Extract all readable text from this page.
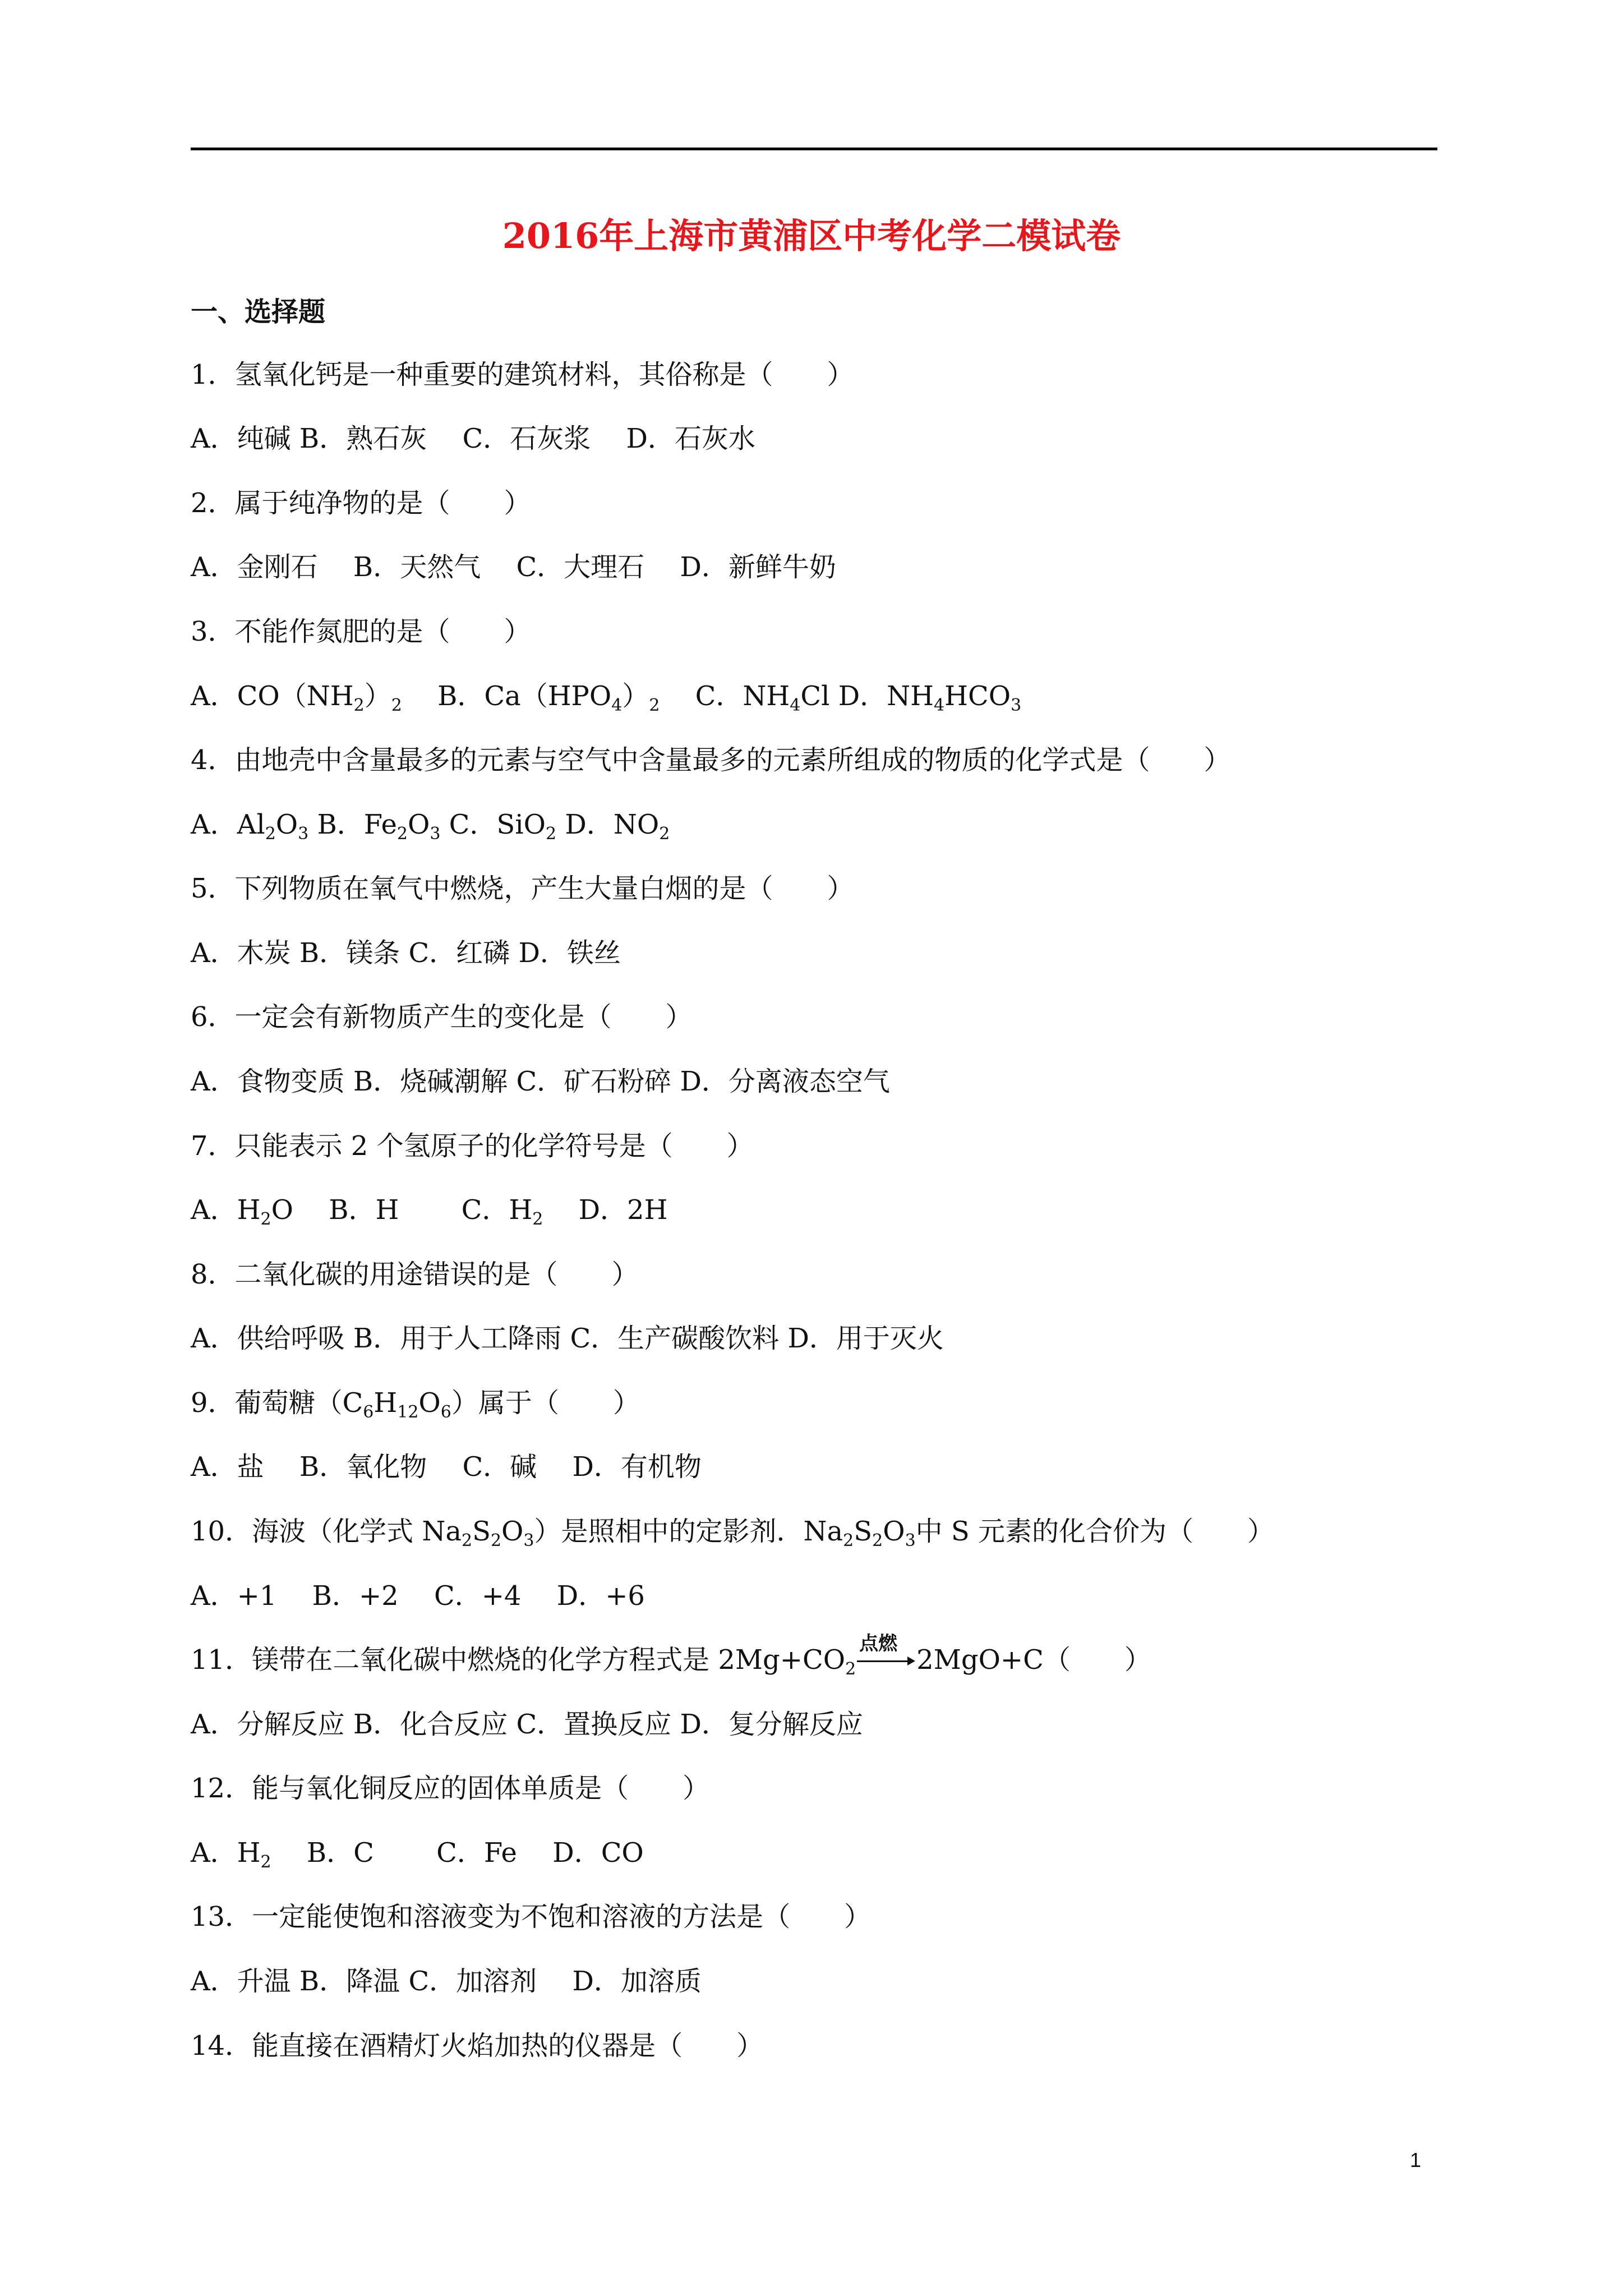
2016年上海市黄浦区中考化学二模试卷
一、选择题
1．氢氧化钙是一种重要的建筑材料，其俗称是（　　）
A．纯碱 B．熟石灰　 C．石灰浆　 D．石灰水
2．属于纯净物的是（　　）
A．金刚石　 B．天然气　 C．大理石　 D．新鲜牛奶
3．不能作氮肥的是（　　）
A．$CO(NH_2)_2$　 B．$Ca(HPO_4)_2$　 C．$NH_4Cl$ D．$NH_4HCO_3$
4．由地壳中含量最多的元素与空气中含量最多的元素所组成的物质的化学式是（　　）
A．$Al_2O_3$ B．$Fe_2O_3$ C．SiO$_2$ D．$NO_2$
5．下列物质在氧气中燃烧，产生大量白烟的是（　　）
A．木炭 B．镁条 C．红磷 D．铁丝
6．一定会有新物质产生的变化是（　　）
A．食物变质 B．烧碱潮解 C．矿石粉碎 D．分离液态空气
7．只能表示 2 个氢原子的化学符号是（　　）
A．$H_2O$　 B．H　　 C．$H_2$　 D．2H
8．二氧化碳的用途错误的是（　　）
A．供给呼吸 B．用于人工降雨 C．生产碳酸饮料 D．用于灭火
9．葡萄糖$(C_6H_{12}O_6)$属于（　　）
A．盐　 B．氧化物　 C．碱　 D．有机物
10．海波（化学式 $Na_2S_2O_3$）是照相中的定影剂．$Na_2S_2O_3$中 S 元素的化合价为（　　）
A．+1　 B．+2　 C．+4　 D．+6
11．镁带在二氧化碳中燃烧的化学方程式是 $2Mg+CO_2$
点燃
2MgO+C（　　）
A．分解反应 B．化合反应 C．置换反应 D．复分解反应
12．能与氧化铜反应的固体单质是（　　）
A．$H_2$　 B．C　　 C．Fe　 D．CO
13．一定能使饱和溶液变为不饱和溶液的方法是（　　）
A．升温 B．降温 C．加溶剂　 D．加溶质
14．能直接在酒精灯火焰加热的仪器是（　　）
1
